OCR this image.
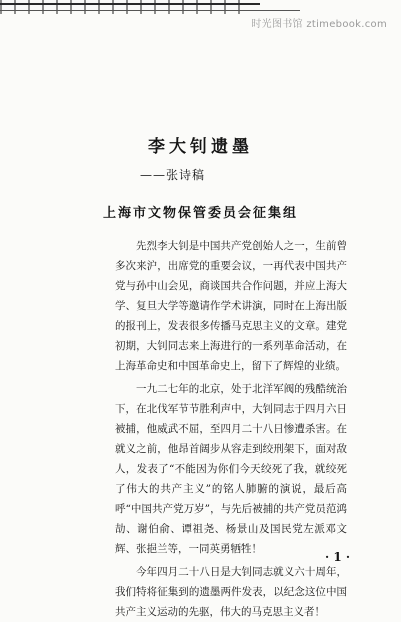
时光图书馆 ztimebook.com
李大钊遗墨
——张诗稿
上海市文物保管委员会征集组

先烈李大钊是中国共产党创始人之一，生前曾多次来沪，出席党的重要会议，一再代表中国共产党与孙中山会见，商谈国共合作问题，并应上海大学、复旦大学等邀请作学术讲演，同时在上海出版的报刊上，发表很多传播马克思主义的文章。建党初期，大钊同志来上海进行的一系列革命活动，在上海革命史和中国革命史上，留下了辉煌的业绩。

一九二七年的北京，处于北洋军阀的残酷统治下，在北伐军节节胜利声中，大钊同志于四月六日被捕，他威武不屈，至四月二十八日惨遭杀害。在就义之前，他昂首阔步从容走到绞刑架下，面对敌人，发表了“不能因为你们今天绞死了我，就绞死了伟大的共产主义”的铭人肺腑的演说，最后高呼“中国共产党万岁”，与先后被捕的共产党员范鸿劼、谢伯俞、谭祖尧、杨景山及国民党左派邓文辉、张挹兰等，一同英勇牺牲！

今年四月二十八日是大钊同志就义六十周年，我们特将征集到的遗墨两件发表，以纪念这位中国共产主义运动的先驱，伟大的马克思主义者！

· 1 ·
